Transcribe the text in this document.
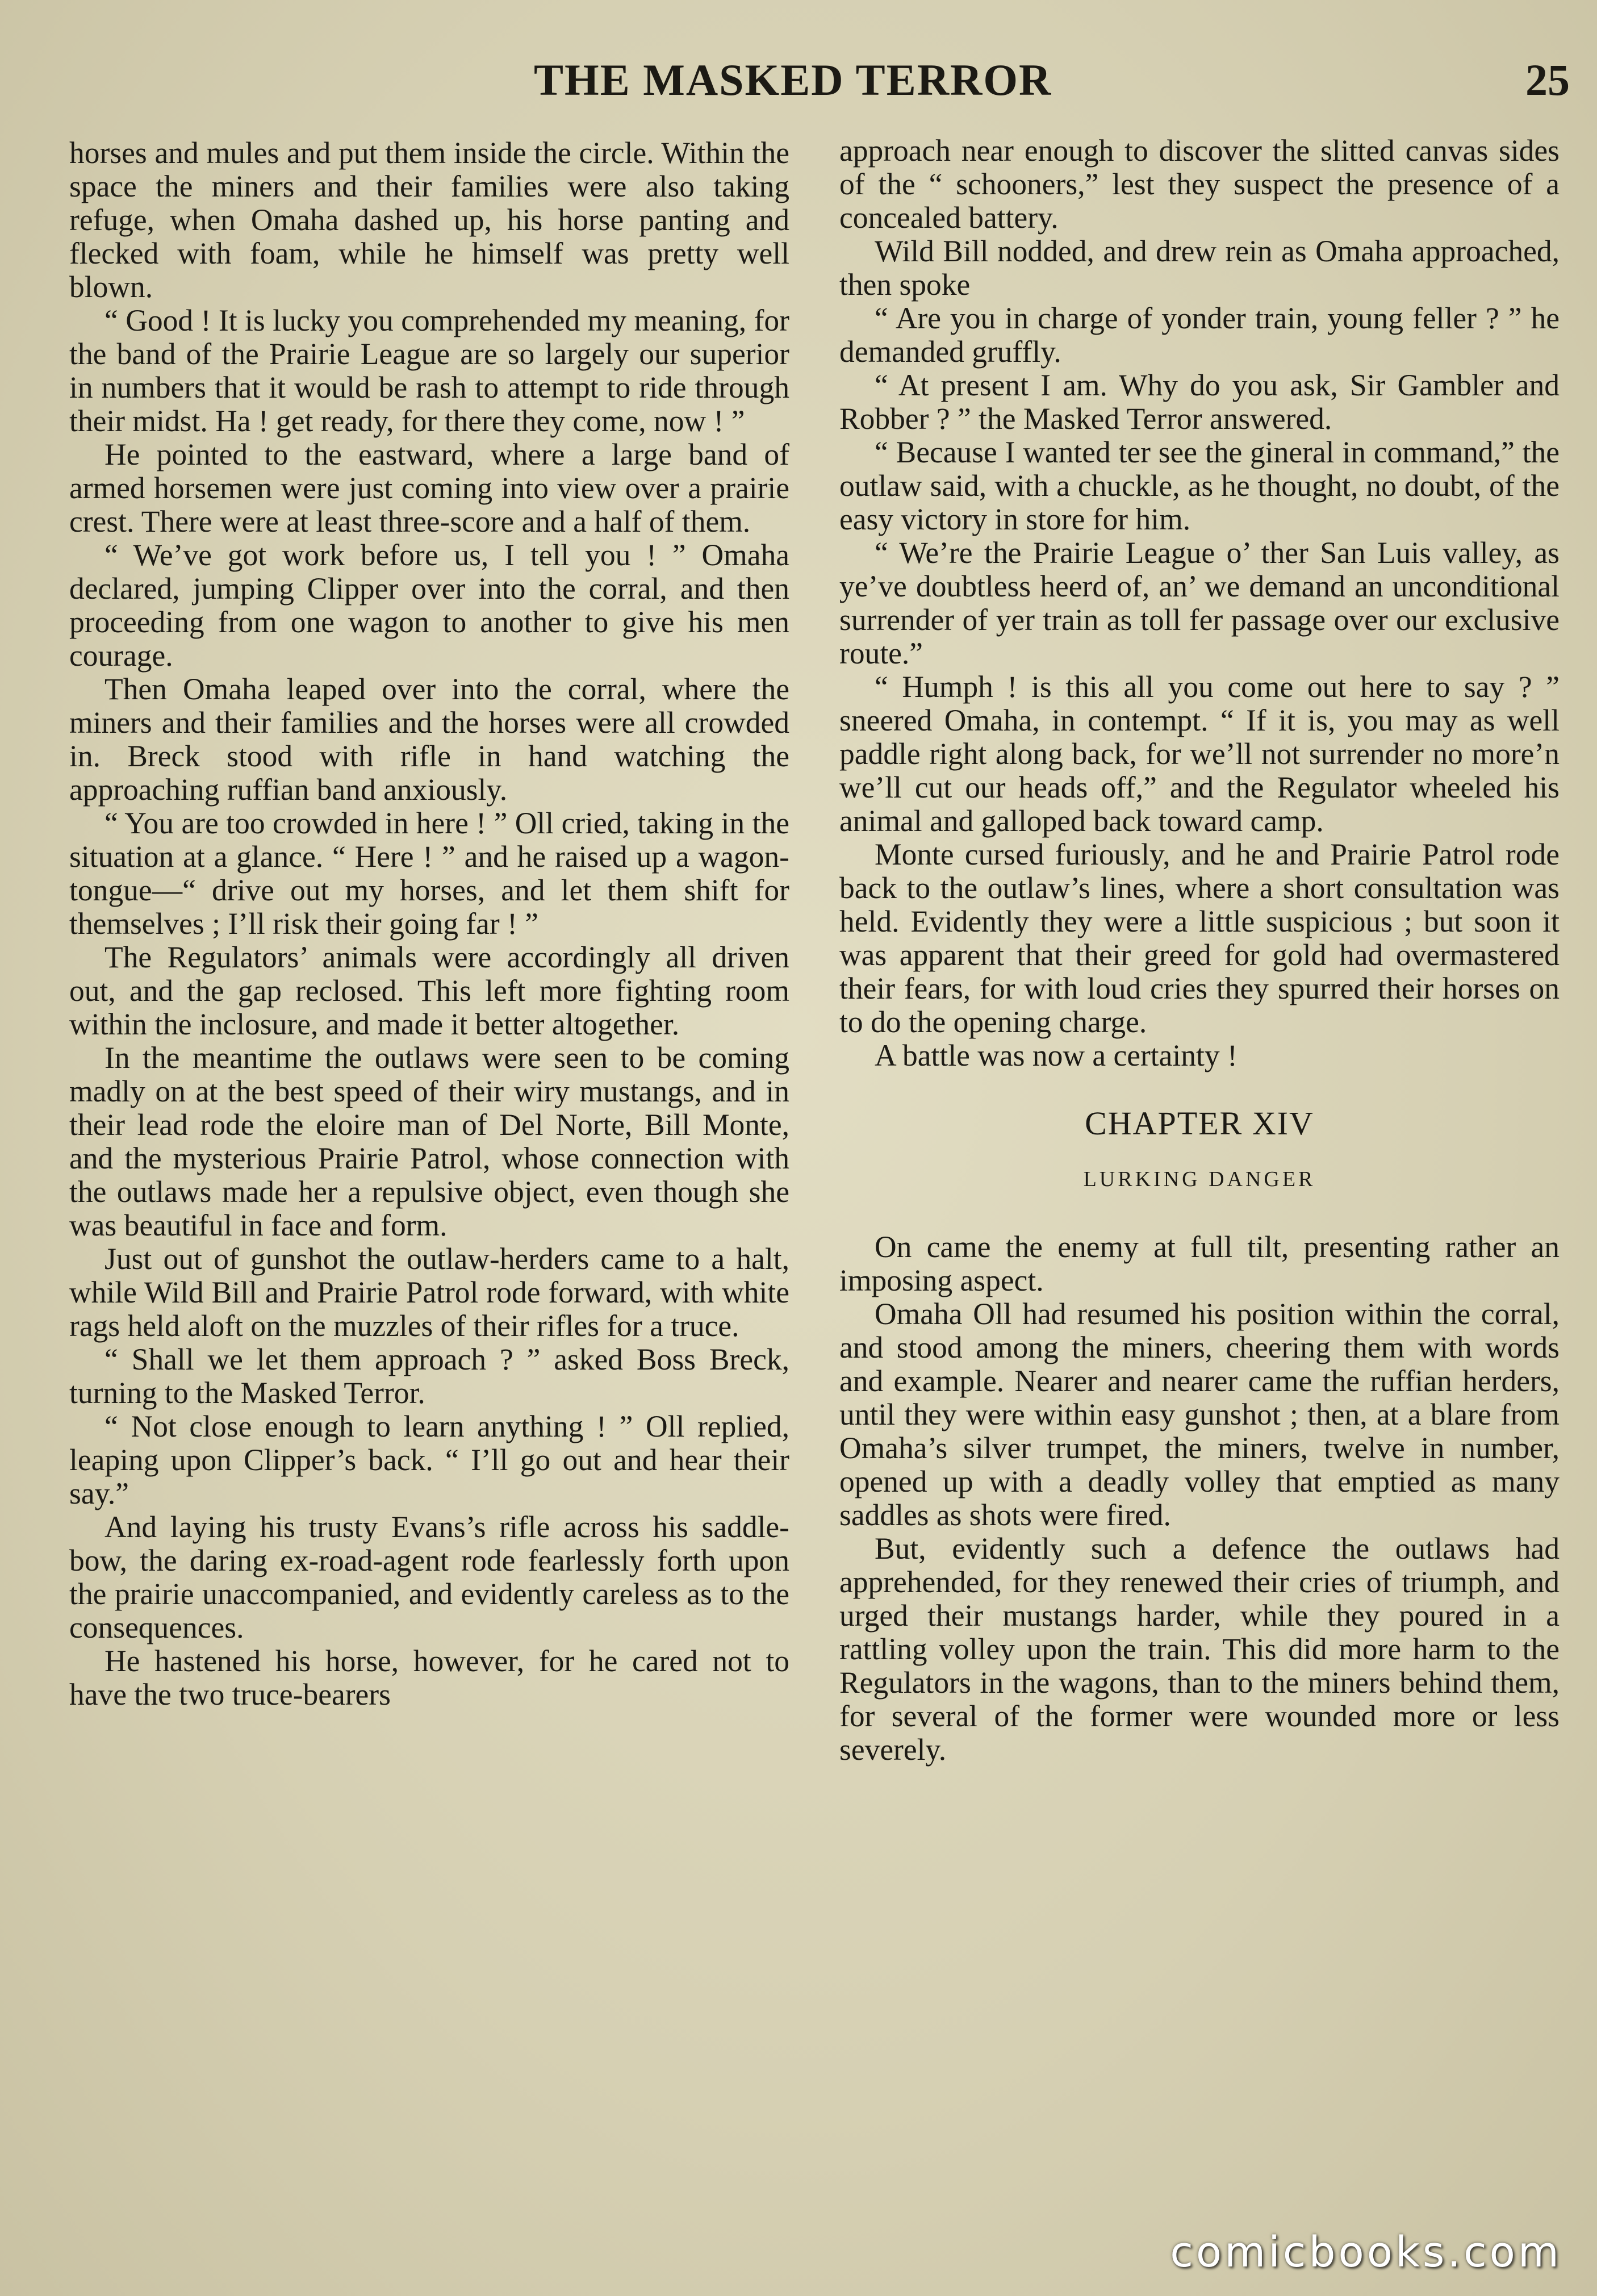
THE MASKED TERROR	25

horses and mules and put them inside the circle. Within the space the miners and their families were also taking refuge, when Omaha dashed up, his horse panting and flecked with foam, while he himself was pretty well blown.

“ Good ! It is lucky you comprehended my meaning, for the band of the Prairie League are so largely our superior in numbers that it would be rash to attempt to ride through their midst. Ha ! get ready, for there they come, now ! ”

He pointed to the eastward, where a large band of armed horsemen were just coming into view over a prairie crest. There were at least three-score and a half of them.

“ We’ve got work before us, I tell you ! ” Omaha declared, jumping Clipper over into the corral, and then proceeding from one wagon to another to give his men courage.

Then Omaha leaped over into the corral, where the miners and their families and the horses were all crowded in. Breck stood with rifle in hand watching the approaching ruffian band anxiously.

“ You are too crowded in here ! ” Oll cried, taking in the situation at a glance. “ Here ! ” and he raised up a wagon-tongue—“ drive out my horses, and let them shift for themselves ; I’ll risk their going far ! ”

The Regulators’ animals were accordingly all driven out, and the gap reclosed. This left more fighting room within the inclosure, and made it better altogether.

In the meantime the outlaws were seen to be coming madly on at the best speed of their wiry mustangs, and in their lead rode the eloire man of Del Norte, Bill Monte, and the mysterious Prairie Patrol, whose connection with the outlaws made her a repulsive object, even though she was beautiful in face and form.

Just out of gunshot the outlaw-herders came to a halt, while Wild Bill and Prairie Patrol rode forward, with white rags held aloft on the muzzles of their rifles for a truce.

“ Shall we let them approach ? ” asked Boss Breck, turning to the Masked Terror.

“ Not close enough to learn anything ! ” Oll replied, leaping upon Clipper’s back. “ I’ll go out and hear their say.”

And laying his trusty Evans’s rifle across his saddle-bow, the daring ex-road-agent rode fearlessly forth upon the prairie unaccompanied, and evidently careless as to the consequences.

He hastened his horse, however, for he cared not to have the two truce-bearers

approach near enough to discover the slitted canvas sides of the “ schooners,” lest they suspect the presence of a concealed battery.

Wild Bill nodded, and drew rein as Omaha approached, then spoke

“ Are you in charge of yonder train, young feller ? ” he demanded gruffly.

“ At present I am. Why do you ask, Sir Gambler and Robber ? ” the Masked Terror answered.

“ Because I wanted ter see the gineral in command,” the outlaw said, with a chuckle, as he thought, no doubt, of the easy victory in store for him.

“ We’re the Prairie League o’ ther San Luis valley, as ye’ve doubtless heerd of, an’ we demand an unconditional surrender of yer train as toll fer passage over our exclusive route.”

“ Humph ! is this all you come out here to say ? ” sneered Omaha, in contempt. “ If it is, you may as well paddle right along back, for we’ll not surrender no more’n we’ll cut our heads off,” and the Regulator wheeled his animal and galloped back toward camp.

Monte cursed furiously, and he and Prairie Patrol rode back to the outlaw’s lines, where a short consultation was held. Evidently they were a little suspicious ; but soon it was apparent that their greed for gold had overmastered their fears, for with loud cries they spurred their horses on to do the opening charge.

A battle was now a certainty !

CHAPTER XIV

LURKING DANGER

On came the enemy at full tilt, presenting rather an imposing aspect.

Omaha Oll had resumed his position within the corral, and stood among the miners, cheering them with words and example. Nearer and nearer came the ruffian herders, until they were within easy gunshot ; then, at a blare from Omaha’s silver trumpet, the miners, twelve in number, opened up with a deadly volley that emptied as many saddles as shots were fired.

But, evidently such a defence the outlaws had apprehended, for they renewed their cries of triumph, and urged their mustangs harder, while they poured in a rattling volley upon the train. This did more harm to the Regulators in the wagons, than to the miners behind them, for several of the former were wounded more or less severely.

comicbooks.com
